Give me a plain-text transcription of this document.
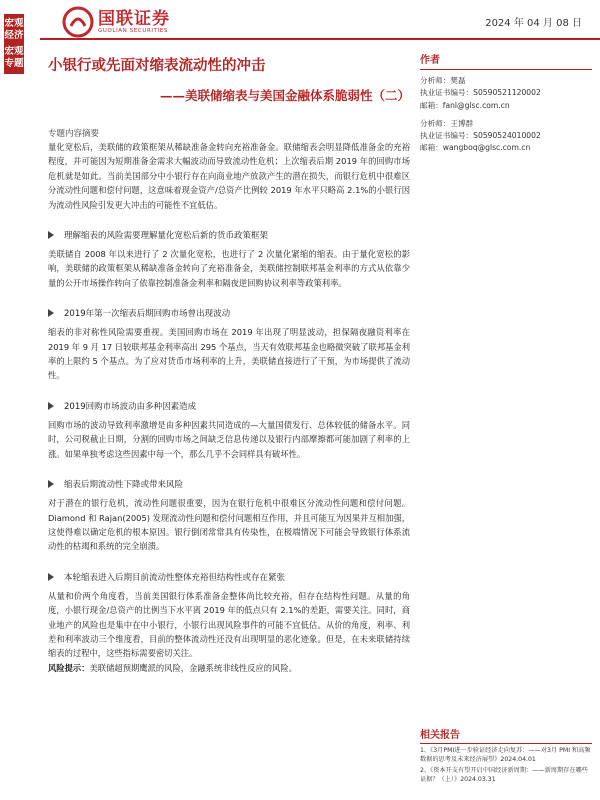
宏观经济
宏观专题
国联证券
GUOLIAN SECURITIES
2024 年 04 月 08 日
小银行或先面对缩表流动性的冲击
——美联储缩表与美国金融体系脆弱性（二）
专题内容摘要
量化宽松后，美联储的政策框架从稀缺准备金转向充裕准备金。联储缩表会明显降低准备金的充裕程度，并可能因为短期准备金需求大幅波动而导致流动性危机；上次缩表后期 2019 年的回购市场危机就是如此。当前美国部分中小银行存在向商业地产放款产生的潜在损失，而银行危机中很难区分流动性问题和偿付问题，这意味着现金资产/总资产比例较 2019 年水平只略高 2.1%的小银行因为流动性风险引发更大冲击的可能性不宜低估。
理解缩表的风险需要理解量化宽松后新的货币政策框架
美联储自 2008 年以来进行了 2 次量化宽松，也进行了 2 次量化紧缩的缩表。由于量化宽松的影响，美联储的政策框架从稀缺准备金转向了充裕准备金，美联储控制联邦基金利率的方式从依靠少量的公开市场操作转向了依靠控制准备金利率和隔夜逆回购协议利率等政策利率。
2019年第一次缩表后期回购市场曾出现波动
缩表的非对称性风险需要重视。美国回购市场在 2019 年出现了明显波动，担保隔夜融资利率在 2019 年 9 月 17 日较联邦基金利率高出 295 个基点，当天有效联邦基金也略微突破了联邦基金利率的上限约 5 个基点。为了应对货币市场利率的上升，美联储直接进行了干预，为市场提供了流动性。
2019回购市场波动由多种因素造成
回购市场的波动导致利率激增是由多种因素共同造成的—大量国债发行、总体较低的储备水平。同时，公司税截止日期，分割的回购市场之间缺乏信息传递以及银行内部摩擦都可能加剧了利率的上涨。如果单独考虑这些因素中每一个，那么几乎不会同样具有破坏性。
缩表后期流动性下降或带来风险
对于潜在的银行危机，流动性问题很重要，因为在银行危机中很难区分流动性问题和偿付问题。Diamond 和 Rajan(2005) 发现流动性问题和偿付问题相互作用，并且可能互为因果并互相加强，这使得难以确定危机的根本原因。银行倒闭常常具有传染性，在极端情况下可能会导致银行体系流动性的枯竭和系统的完全崩溃。
本轮缩表进入后期目前流动性整体充裕但结构性或存在紧张
从量和价两个角度看，当前美国银行体系准备金整体尚比较充裕，但存在结构性问题。从量的角度，小银行现金/总资产的比例当下水平离 2019 年的低点只有 2.1%的差距，需要关注。同时，商业地产的风险也是集中在中小银行，小银行出现风险事件的可能不宜低估。从价的角度，利率、利差和利率波动三个维度看，目前的整体流动性还没有出现明显的恶化迹象。但是，在未来联储持续缩表的过程中，这些指标需要密切关注。
风险提示：美联储超预期鹰派的风险，金融系统非线性反应的风险。
作者
分析师：樊磊
执业证书编号：S0590521120002
邮箱：fanl@glsc.com.cn
分析师：王博群
执业证书编号：S0590524010002
邮箱：wangboq@glsc.com.cn
相关报告
1、《3月PMI进一步验证经济走向复苏：——对3月 PMI 和高频数据的思考及未来经济展望》2024.04.01
2、《资本开支有望开启中国经济新周期：——新周期存在哪些证据？（上）》2024.03.31
